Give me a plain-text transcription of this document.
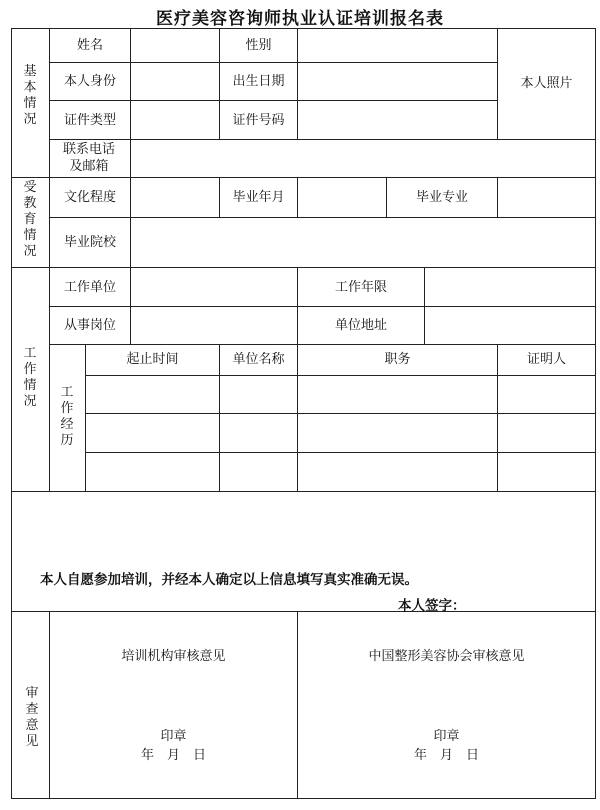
医疗美容咨询师执业认证培训报名表
基本情况
姓名	性别
本人身份	出生日期	本人照片
证件类型	证件号码
联系电话及邮箱
受教育情况
文化程度	毕业年月	毕业专业
毕业院校
工作情况
工作单位	工作年限
从事岗位	单位地址
工作经历
起止时间	单位名称	职务	证明人
本人自愿参加培训，并经本人确定以上信息填写真实准确无误。
本人签字：
审查意见
培训机构审核意见	中国整形美容协会审核意见
印章	印章
年　月　日	年　月　日
